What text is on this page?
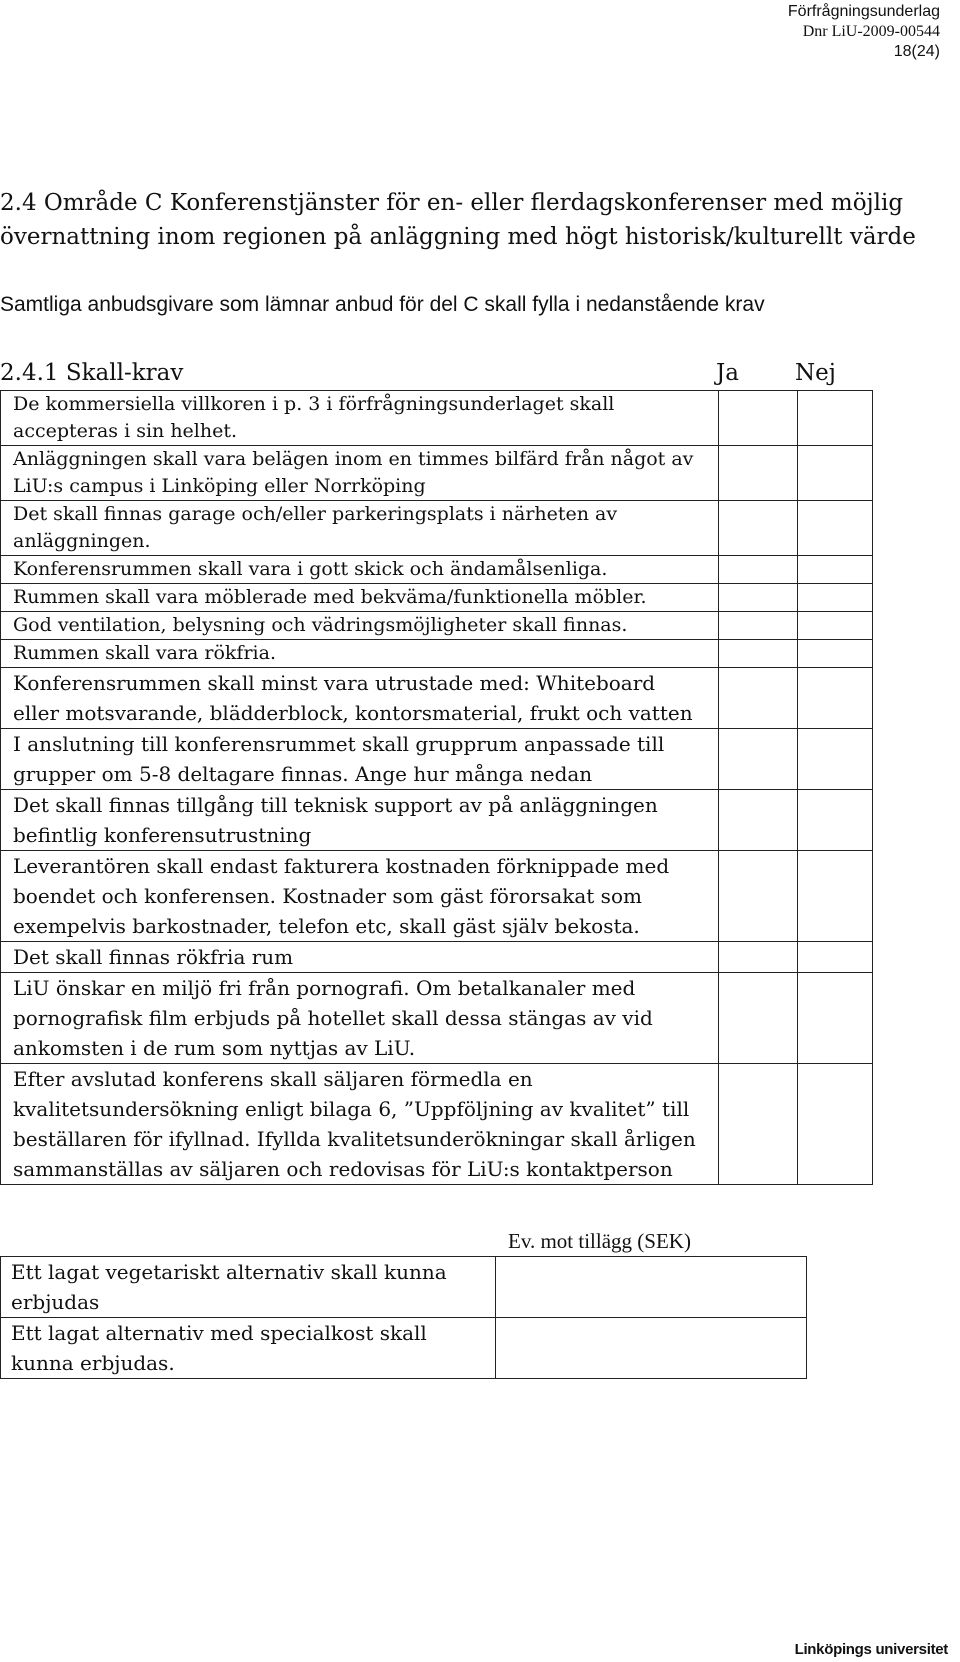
Förfrågningsunderlag
Dnr LiU-2009-00544
18(24)
2.4 Område C Konferenstjänster för en- eller flerdagskonferenser med möjlig övernattning inom regionen på anläggning med högt historisk/kulturellt värde
Samtliga anbudsgivare som lämnar anbud för del C skall fylla i nedanstående krav
2.4.1 Skall-krav	Ja Nej
De kommersiella villkoren i p. 3 i förfrågningsunderlaget skall accepteras i sin helhet.		
Anläggningen skall vara belägen inom en timmes bilfärd från något av LiU:s campus i Linköping eller Norrköping		
Det skall finnas garage och/eller parkeringsplats i närheten av anläggningen.		
Konferensrummen skall vara i gott skick och ändamålsenliga.		
Rummen skall vara möblerade med bekväma/funktionella möbler.		
God ventilation, belysning och vädringsmöjligheter skall finnas.		
Rummen skall vara rökfria.		
Konferensrummen skall minst vara utrustade med: Whiteboard eller motsvarande, blädderblock, kontorsmaterial, frukt och vatten		
I anslutning till konferensrummet skall grupprum anpassade till grupper om 5-8 deltagare finnas. Ange hur många nedan		
Det skall finnas tillgång till teknisk support av på anläggningen befintlig konferensutrustning		
Leverantören skall endast fakturera kostnaden förknippade med boendet och konferensen. Kostnader som gäst förorsakat som exempelvis barkostnader, telefon etc, skall gäst själv bekosta.		
Det skall finnas rökfria rum		
LiU önskar en miljö fri från pornografi. Om betalkanaler med pornografisk film erbjuds på hotellet skall dessa stängas av vid ankomsten i de rum som nyttjas av LiU.		
Efter avslutad konferens skall säljaren förmedla en kvalitetsundersökning enligt bilaga 6, ”Uppföljning av kvalitet” till beställaren för ifyllnad. Ifyllda kvalitetsunderökningar skall årligen sammanställas av säljaren och redovisas för LiU:s kontaktperson		
Ev. mot tillägg (SEK)
Ett lagat vegetariskt alternativ skall kunna erbjudas	
Ett lagat alternativ med specialkost skall kunna erbjudas.	
Linköpings universitet
